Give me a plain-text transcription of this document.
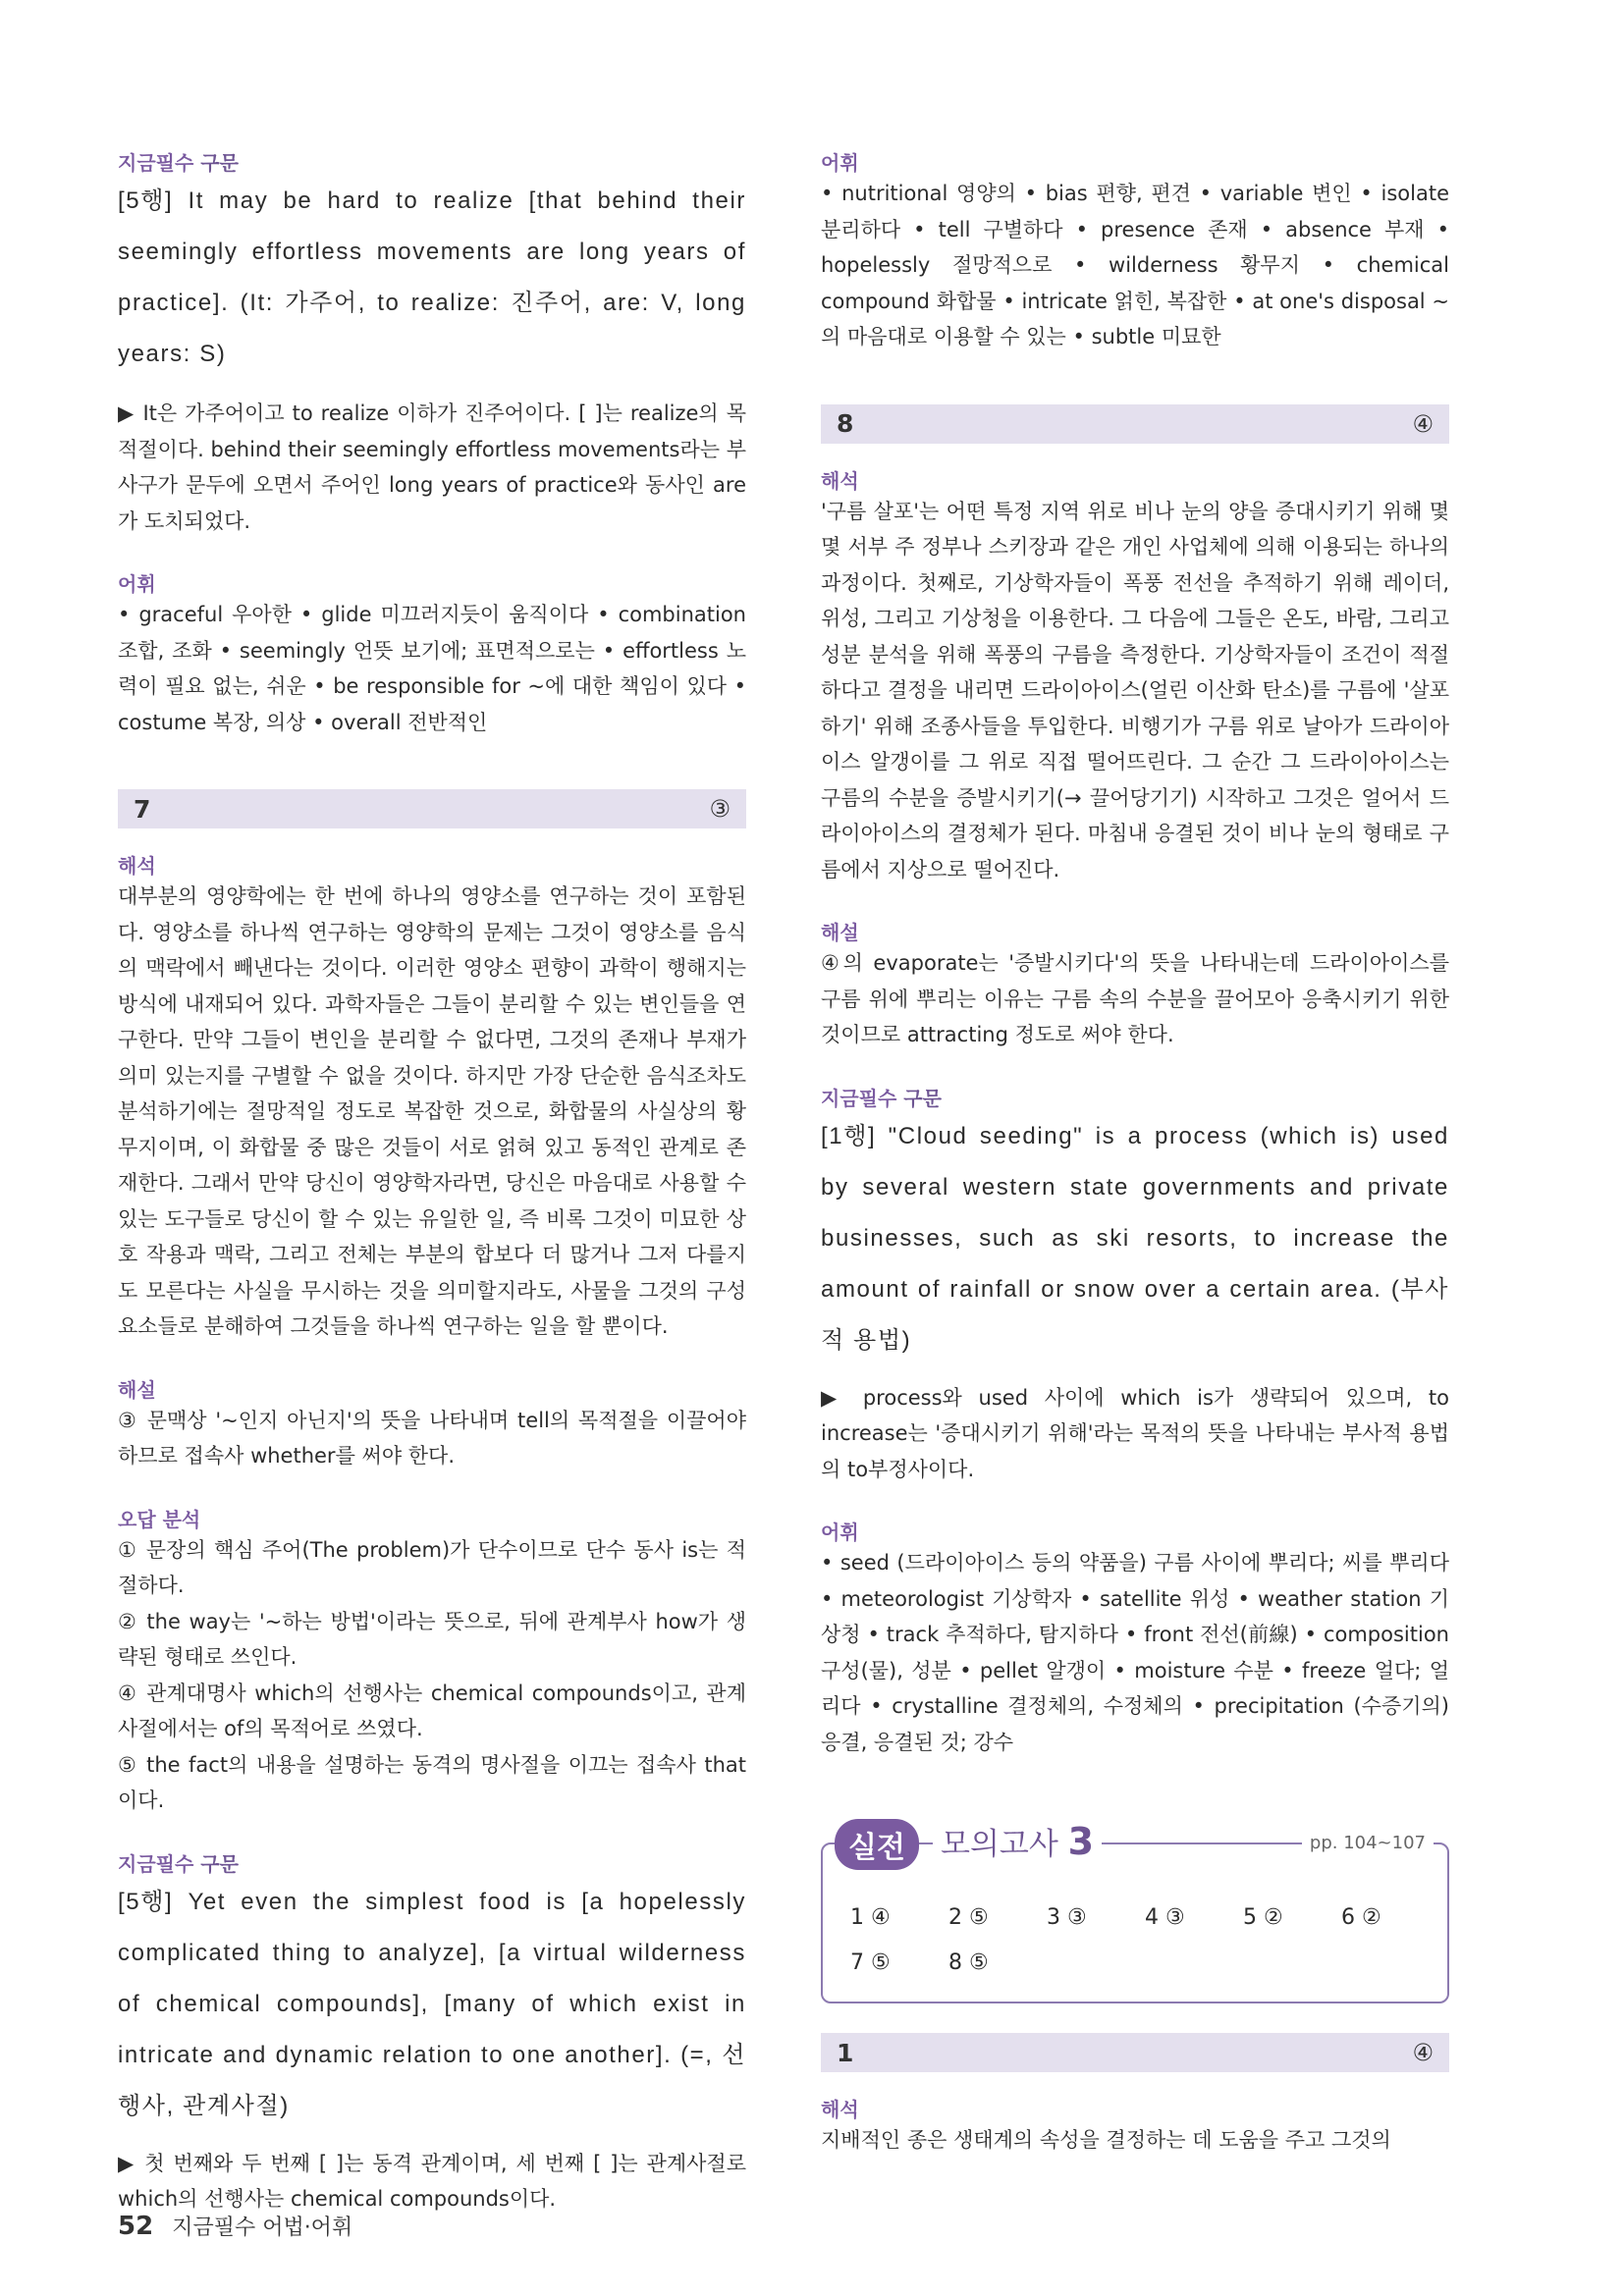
지금필수 구문

[5행] It may be hard to realize [that behind their seemingly effortless movements are long years of practice]. (It: 가주어, to realize: 진주어, are: V, long years: S)

▶ It은 가주어이고 to realize 이하가 진주어이다. [ ]는 realize의 목적절이다. behind their seemingly effortless movements라는 부사구가 문두에 오면서 주어인 long years of practice와 동사인 are가 도치되었다.

어휘

• graceful 우아한 • glide 미끄러지듯이 움직이다 • combination 조합, 조화 • seemingly 언뜻 보기에; 표면적으로는 • effortless 노력이 필요 없는, 쉬운 • be responsible for ~에 대한 책임이 있다 • costume 복장, 의상 • overall 전반적인

7	③

해석

대부분의 영양학에는 한 번에 하나의 영양소를 연구하는 것이 포함된다. 영양소를 하나씩 연구하는 영양학의 문제는 그것이 영양소를 음식의 맥락에서 빼낸다는 것이다. 이러한 영양소 편향이 과학이 행해지는 방식에 내재되어 있다. 과학자들은 그들이 분리할 수 있는 변인들을 연구한다. 만약 그들이 변인을 분리할 수 없다면, 그것의 존재나 부재가 의미 있는지를 구별할 수 없을 것이다. 하지만 가장 단순한 음식조차도 분석하기에는 절망적일 정도로 복잡한 것으로, 화합물의 사실상의 황무지이며, 이 화합물 중 많은 것들이 서로 얽혀 있고 동적인 관계로 존재한다. 그래서 만약 당신이 영양학자라면, 당신은 마음대로 사용할 수 있는 도구들로 당신이 할 수 있는 유일한 일, 즉 비록 그것이 미묘한 상호 작용과 맥락, 그리고 전체는 부분의 합보다 더 많거나 그저 다를지도 모른다는 사실을 무시하는 것을 의미할지라도, 사물을 그것의 구성 요소들로 분해하여 그것들을 하나씩 연구하는 일을 할 뿐이다.

해설

③ 문맥상 '~인지 아닌지'의 뜻을 나타내며 tell의 목적절을 이끌어야 하므로 접속사 whether를 써야 한다.

오답 분석

① 문장의 핵심 주어(The problem)가 단수이므로 단수 동사 is는 적절하다.

② the way는 '~하는 방법'이라는 뜻으로, 뒤에 관계부사 how가 생략된 형태로 쓰인다.

④ 관계대명사 which의 선행사는 chemical compounds이고, 관계사절에서는 of의 목적어로 쓰였다.

⑤ the fact의 내용을 설명하는 동격의 명사절을 이끄는 접속사 that이다.

지금필수 구문

[5행] Yet even the simplest food is [a hopelessly complicated thing to analyze], [a virtual wilderness of chemical compounds], [many of which exist in intricate and dynamic relation to one another]. (=, 선행사, 관계사절)

▶ 첫 번째와 두 번째 [ ]는 동격 관계이며, 세 번째 [ ]는 관계사절로 which의 선행사는 chemical compounds이다.

어휘

• nutritional 영양의 • bias 편향, 편견 • variable 변인 • isolate 분리하다 • tell 구별하다 • presence 존재 • absence 부재 • hopelessly 절망적으로 • wilderness 황무지 • chemical compound 화합물 • intricate 얽힌, 복잡한 • at one's disposal ~의 마음대로 이용할 수 있는 • subtle 미묘한

8	④

해석

'구름 살포'는 어떤 특정 지역 위로 비나 눈의 양을 증대시키기 위해 몇몇 서부 주 정부나 스키장과 같은 개인 사업체에 의해 이용되는 하나의 과정이다. 첫째로, 기상학자들이 폭풍 전선을 추적하기 위해 레이더, 위성, 그리고 기상청을 이용한다. 그 다음에 그들은 온도, 바람, 그리고 성분 분석을 위해 폭풍의 구름을 측정한다. 기상학자들이 조건이 적절하다고 결정을 내리면 드라이아이스(얼린 이산화 탄소)를 구름에 '살포하기' 위해 조종사들을 투입한다. 비행기가 구름 위로 날아가 드라이아이스 알갱이를 그 위로 직접 떨어뜨린다. 그 순간 그 드라이아이스는 구름의 수분을 증발시키기(→ 끌어당기기) 시작하고 그것은 얼어서 드라이아이스의 결정체가 된다. 마침내 응결된 것이 비나 눈의 형태로 구름에서 지상으로 떨어진다.

해설

④의 evaporate는 '증발시키다'의 뜻을 나타내는데 드라이아이스를 구름 위에 뿌리는 이유는 구름 속의 수분을 끌어모아 응축시키기 위한 것이므로 attracting 정도로 써야 한다.

지금필수 구문

[1행] "Cloud seeding" is a process (which is) used by several western state governments and private businesses, such as ski resorts, to increase the amount of rainfall or snow over a certain area. (부사적 용법)

▶ process와 used 사이에 which is가 생략되어 있으며, to increase는 '증대시키기 위해'라는 목적의 뜻을 나타내는 부사적 용법의 to부정사이다.

어휘

• seed (드라이아이스 등의 약품을) 구름 사이에 뿌리다; 씨를 뿌리다 • meteorologist 기상학자 • satellite 위성 • weather station 기상청 • track 추적하다, 탐지하다 • front 전선(前線) • composition 구성(물), 성분 • pellet 알갱이 • moisture 수분 • freeze 얼다; 얼리다 • crystalline 결정체의, 수정체의 • precipitation (수증기의) 응결, 응결된 것; 강수

실전	모의고사 3	pp. 104~107
1 ④	2 ⑤	3 ③	4 ③	5 ②	6 ②
7 ⑤	8 ⑤
1	④

해석

지배적인 종은 생태계의 속성을 결정하는 데 도움을 주고 그것의

52 지금필수 어법·어휘
